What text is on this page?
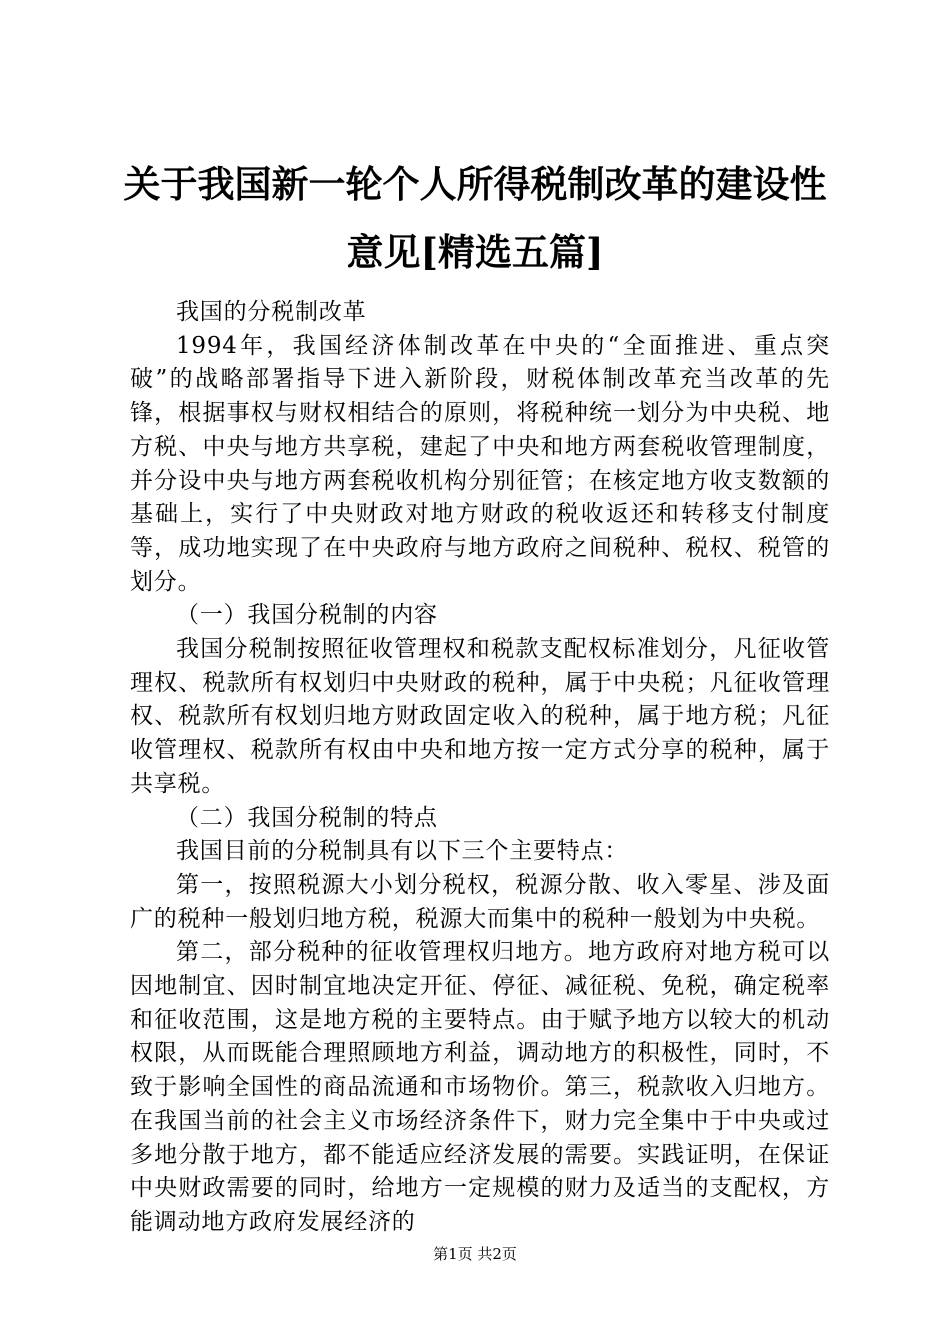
关于我国新一轮个人所得税制改革的建设性意见[精选五篇]

我国的分税制改革

1994年，我国经济体制改革在中央的“全面推进、重点突破”的战略部署指导下进入新阶段，财税体制改革充当改革的先锋，根据事权与财权相结合的原则，将税种统一划分为中央税、地方税、中央与地方共享税，建起了中央和地方两套税收管理制度，并分设中央与地方两套税收机构分别征管；在核定地方收支数额的基础上，实行了中央财政对地方财政的税收返还和转移支付制度等，成功地实现了在中央政府与地方政府之间税种、税权、税管的划分。

（一）我国分税制的内容

我国分税制按照征收管理权和税款支配权标准划分，凡征收管理权、税款所有权划归中央财政的税种，属于中央税；凡征收管理权、税款所有权划归地方财政固定收入的税种，属于地方税；凡征收管理权、税款所有权由中央和地方按一定方式分享的税种，属于共享税。

（二）我国分税制的特点

我国目前的分税制具有以下三个主要特点：

第一，按照税源大小划分税权，税源分散、收入零星、涉及面广的税种一般划归地方税，税源大而集中的税种一般划为中央税。

第二，部分税种的征收管理权归地方。地方政府对地方税可以因地制宜、因时制宜地决定开征、停征、减征税、免税，确定税率和征收范围，这是地方税的主要特点。由于赋予地方以较大的机动权限，从而既能合理照顾地方利益，调动地方的积极性，同时，不致于影响全国性的商品流通和市场物价。第三，税款收入归地方。在我国当前的社会主义市场经济条件下，财力完全集中于中央或过多地分散于地方，都不能适应经济发展的需要。实践证明，在保证中央财政需要的同时，给地方一定规模的财力及适当的支配权，方能调动地方政府发展经济的

第1页 共2页
